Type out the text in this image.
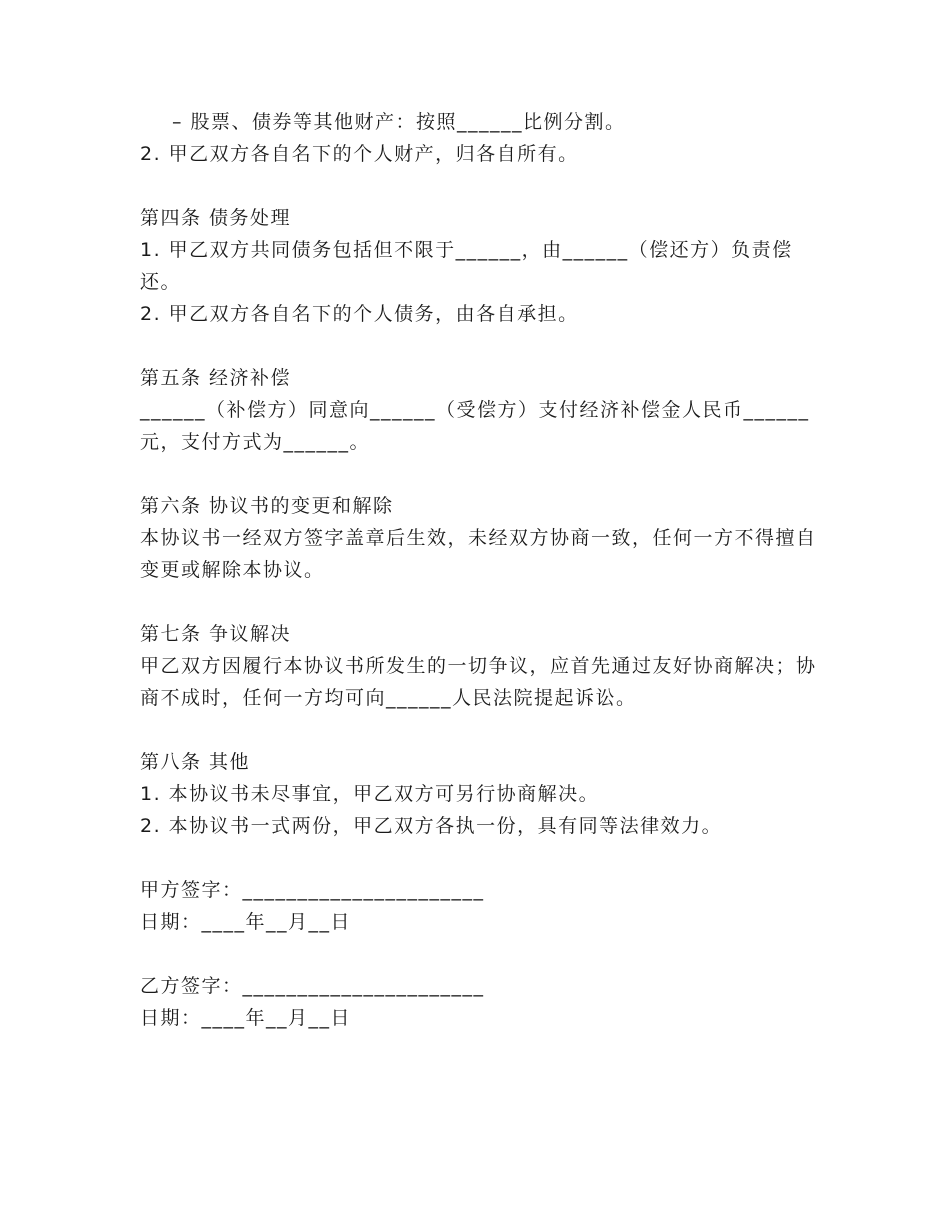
– 股票、债券等其他财产：按照______比例分割。

2. 甲乙双方各自名下的个人财产，归各自所有。

第四条 债务处理

1. 甲乙双方共同债务包括但不限于______，由______（偿还方）负责偿还。

2. 甲乙双方各自名下的个人债务，由各自承担。

第五条 经济补偿

______（补偿方）同意向______（受偿方）支付经济补偿金人民币______元，支付方式为______。

第六条 协议书的变更和解除

本协议书一经双方签字盖章后生效，未经双方协商一致，任何一方不得擅自变更或解除本协议。

第七条 争议解决

甲乙双方因履行本协议书所发生的一切争议，应首先通过友好协商解决；协商不成时，任何一方均可向______人民法院提起诉讼。

第八条 其他

1. 本协议书未尽事宜，甲乙双方可另行协商解决。

2. 本协议书一式两份，甲乙双方各执一份，具有同等法律效力。

甲方签字：______________________

日期：____年__月__日

乙方签字：______________________

日期：____年__月__日
